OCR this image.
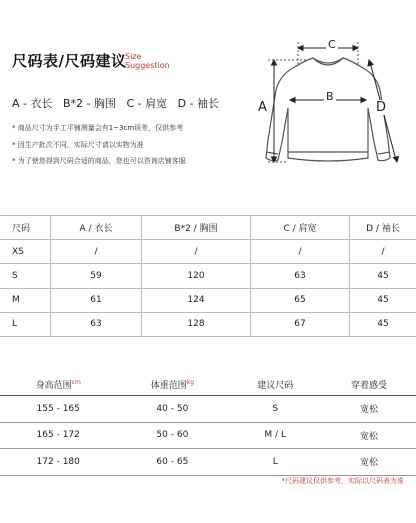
尺码表/尺码建议
Size
Suggestion
A - 衣长   B*2 - 胸围   C - 肩宽   D - 袖长
* 商品尺寸为手工平铺测量会有1~3cm误差，仅供参考
* 因生产批次不同，实际尺寸请以实物为准
* 为了使您得到尺码合适的商品，您也可以咨询店铺客服
C
B
A	D
尺码	A / 衣长	B*2 / 胸围	C / 肩宽	D / 袖长
XS	/	/	/	/
S	59	120	63	45
M	61	124	65	45
L	63	128	67	45
身高范围$^{cm}$	体重范围$^{kg}$	建议尺码	穿着感受
155 - 165	40 - 50	S	宽松
165 - 172	50 - 60	M / L	宽松
172 - 180	60 - 65	L	宽松
*尺码建议仅供参考，实际以尺码表为准
